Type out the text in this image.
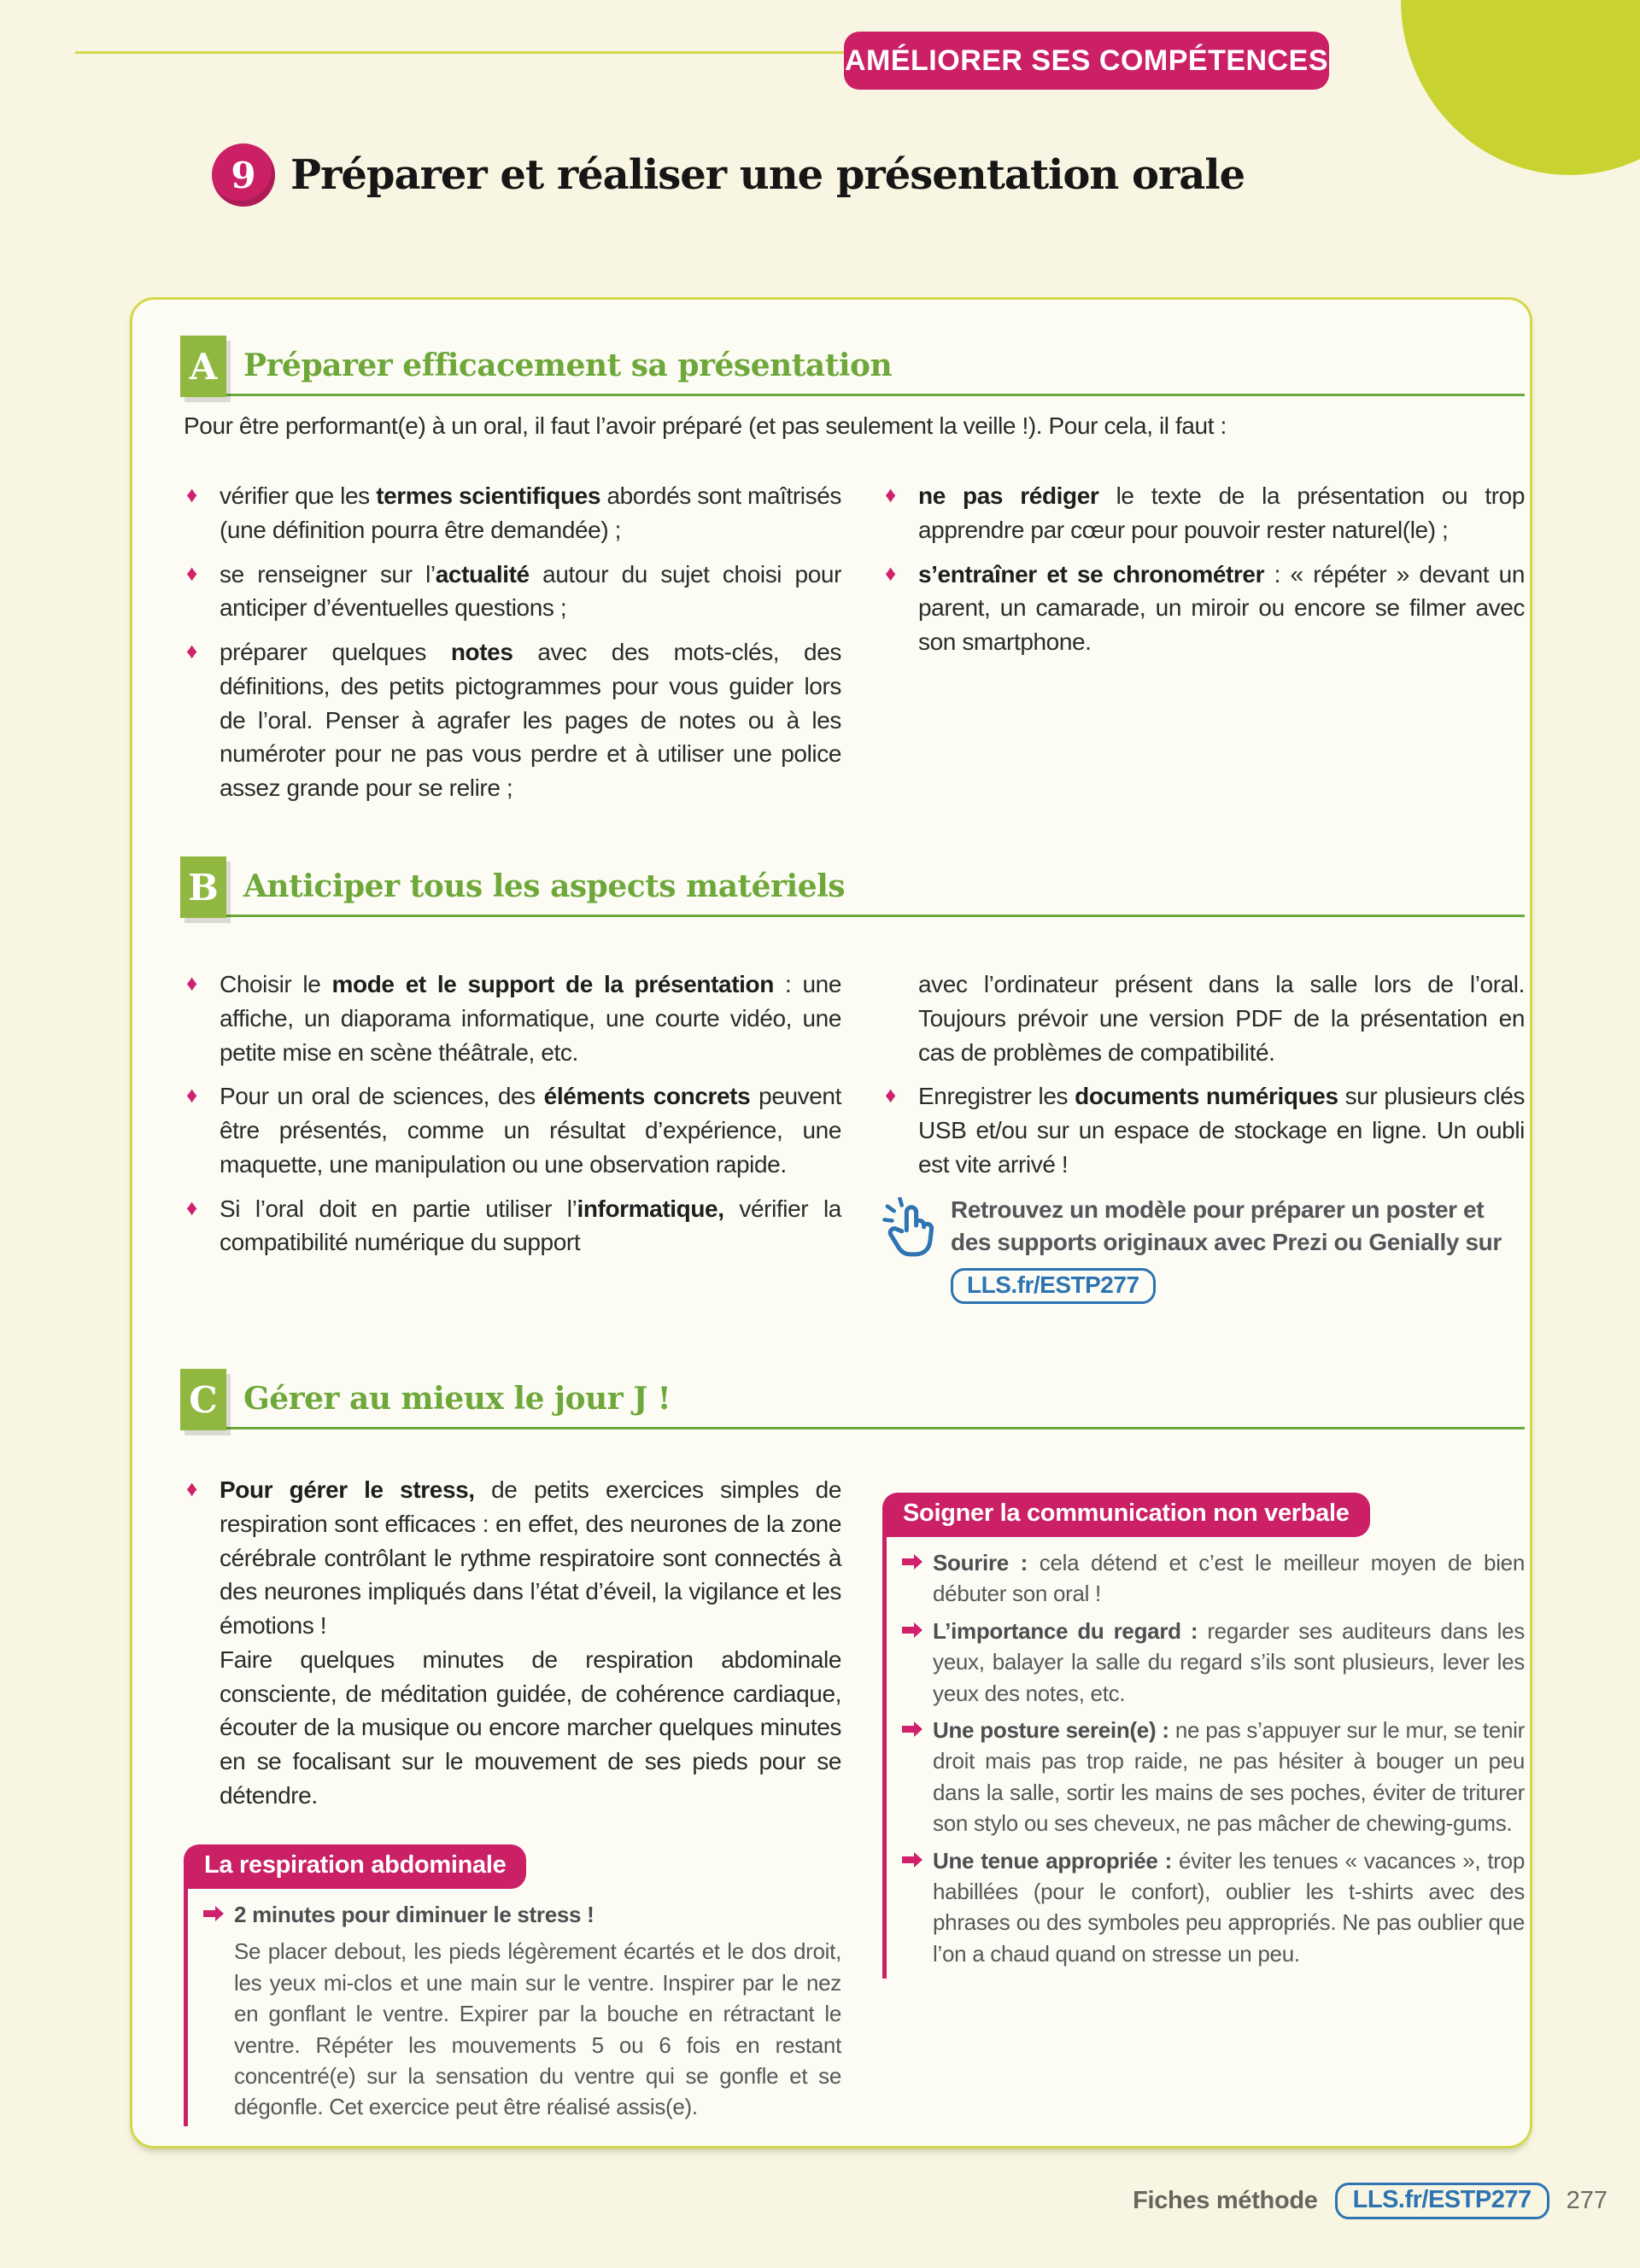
AMÉLIORER SES COMPÉTENCES
9 Préparer et réaliser une présentation orale
A Préparer efficacement sa présentation
Pour être performant(e) à un oral, il faut l’avoir préparé (et pas seulement la veille !). Pour cela, il faut :
♦ vérifier que les termes scientifiques abordés sont maîtrisés (une définition pourra être demandée) ;
♦ se renseigner sur l’actualité autour du sujet choisi pour anticiper d’éventuelles questions ;
♦ préparer quelques notes avec des mots-clés, des définitions, des petits pictogrammes pour vous guider lors de l’oral. Penser à agrafer les pages de notes ou à les numéroter pour ne pas vous perdre et à utiliser une police assez grande pour se relire ;
♦ ne pas rédiger le texte de la présentation ou trop apprendre par cœur pour pouvoir rester naturel(le) ;
♦ s’entraîner et se chronométrer : « répéter » devant un parent, un camarade, un miroir ou encore se filmer avec son smartphone.
B Anticiper tous les aspects matériels
♦ Choisir le mode et le support de la présentation : une affiche, un diaporama informatique, une courte vidéo, une petite mise en scène théâtrale, etc.
♦ Pour un oral de sciences, des éléments concrets peuvent être présentés, comme un résultat d’expérience, une maquette, une manipulation ou une observation rapide.
♦ Si l’oral doit en partie utiliser l’informatique, vérifier la compatibilité numérique du support
avec l’ordinateur présent dans la salle lors de l’oral. Toujours prévoir une version PDF de la présentation en cas de problèmes de compatibilité.
♦ Enregistrer les documents numériques sur plusieurs clés USB et/ou sur un espace de stockage en ligne. Un oubli est vite arrivé !
Retrouvez un modèle pour préparer un poster et des supports originaux avec Prezi ou Genially sur
LLS.fr/ESTP277
C Gérer au mieux le jour J !
♦ Pour gérer le stress, de petits exercices simples de respiration sont efficaces : en effet, des neurones de la zone cérébrale contrôlant le rythme respiratoire sont connectés à des neurones impliqués dans l’état d’éveil, la vigilance et les émotions !
Faire quelques minutes de respiration abdominale consciente, de méditation guidée, de cohérence cardiaque, écouter de la musique ou encore marcher quelques minutes en se focalisant sur le mouvement de ses pieds pour se détendre.
La respiration abdominale
2 minutes pour diminuer le stress !
Se placer debout, les pieds légèrement écartés et le dos droit, les yeux mi-clos et une main sur le ventre. Inspirer par le nez en gonflant le ventre. Expirer par la bouche en rétractant le ventre. Répéter les mouvements 5 ou 6 fois en restant concentré(e) sur la sensation du ventre qui se gonfle et se dégonfle. Cet exercice peut être réalisé assis(e).
Soigner la communication non verbale
Sourire : cela détend et c’est le meilleur moyen de bien débuter son oral !
L’importance du regard : regarder ses auditeurs dans les yeux, balayer la salle du regard s’ils sont plusieurs, lever les yeux des notes, etc.
Une posture serein(e) : ne pas s’appuyer sur le mur, se tenir droit mais pas trop raide, ne pas hésiter à bouger un peu dans la salle, sortir les mains de ses poches, éviter de triturer son stylo ou ses cheveux, ne pas mâcher de chewing-gums.
Une tenue appropriée : éviter les tenues « vacances », trop habillées (pour le confort), oublier les t-shirts avec des phrases ou des symboles peu appropriés. Ne pas oublier que l’on a chaud quand on stresse un peu.
Fiches méthode	LLS.fr/ESTP277	277
